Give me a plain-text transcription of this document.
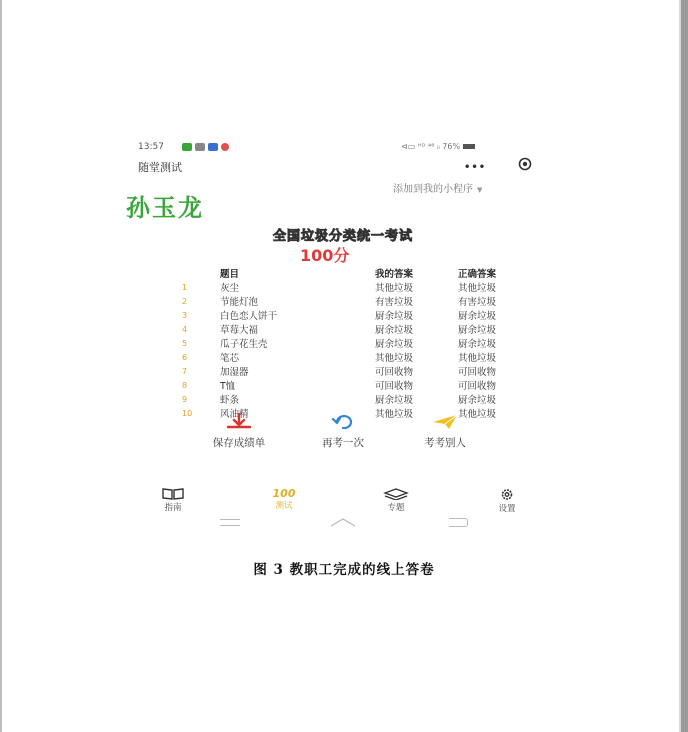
13:57	⊲▭ ᴴᴰ ⁴⁶ ᵢₗ 76%
随堂测试	•••
添加到我的小程序 ▼
孙玉龙
全国垃圾分类统一考试
100分
	题目	我的答案	正确答案
1	灰尘	其他垃圾	其他垃圾
2	节能灯泡	有害垃圾	有害垃圾
3	白色恋人饼干	厨余垃圾	厨余垃圾
4	草莓大福	厨余垃圾	厨余垃圾
5	瓜子花生壳	厨余垃圾	厨余垃圾
6	笔芯	其他垃圾	其他垃圾
7	加湿器	可回收物	可回收物
8	T恤	可回收物	可回收物
9	虾条	厨余垃圾	厨余垃圾
10	风油精	其他垃圾	其他垃圾
保存成绩单	再考一次	考考别人
指南
100
测试	专题	设置
图 3 教职工完成的线上答卷
